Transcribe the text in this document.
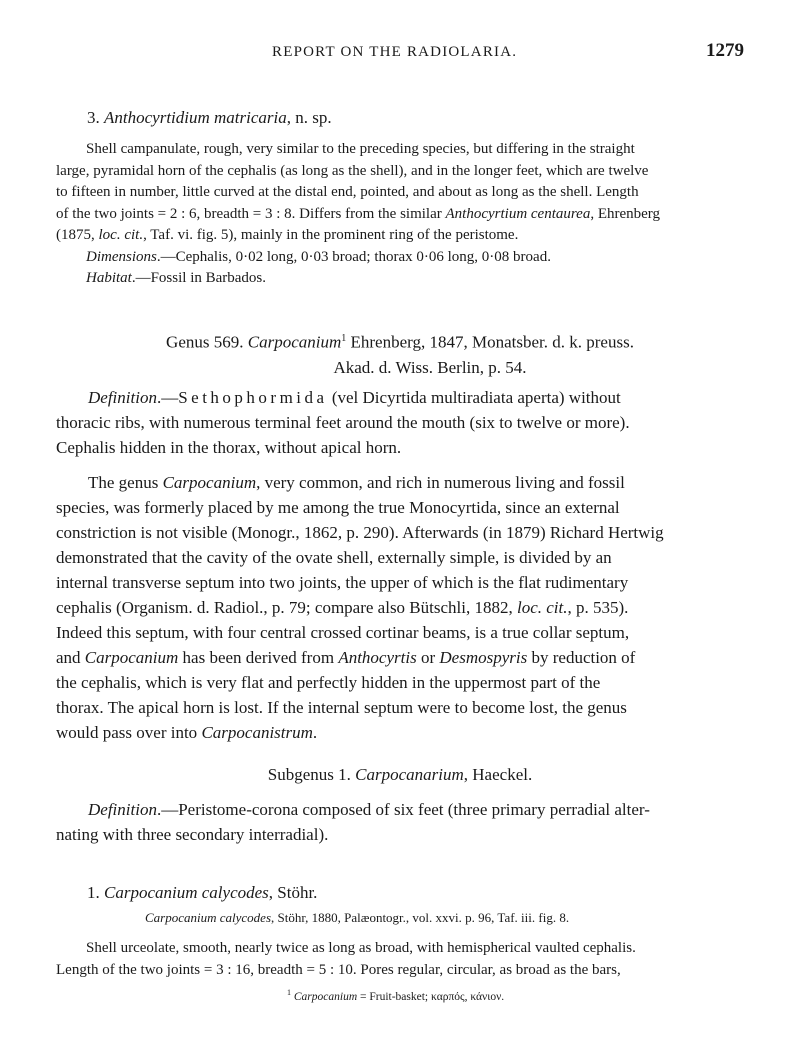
REPORT ON THE RADIOLARIA.	1279
3. Anthocyrtidium matricaria, n. sp.
Shell campanulate, rough, very similar to the preceding species, but differing in the straight
large, pyramidal horn of the cephalis (as long as the shell), and in the longer feet, which are twelve
to fifteen in number, little curved at the distal end, pointed, and about as long as the shell. Length
of the two joints = 2 : 6, breadth = 3 : 8. Differs from the similar Anthocyrtium centaurea, Ehrenberg
(1875, loc. cit., Taf. vi. fig. 5), mainly in the prominent ring of the peristome.
Dimensions.—Cephalis, 0·02 long, 0·03 broad; thorax 0·06 long, 0·08 broad.
Habitat.—Fossil in Barbados.
Genus 569. Carpocanium$^1$ Ehrenberg, 1847, Monatsber. d. k. preuss.
Akad. d. Wiss. Berlin, p. 54.
Definition.—Sethophormida (vel Dicyrtida multiradiata aperta) without
thoracic ribs, with numerous terminal feet around the mouth (six to twelve or more).
Cephalis hidden in the thorax, without apical horn.
The genus Carpocanium, very common, and rich in numerous living and fossil
species, was formerly placed by me among the true Monocyrtida, since an external
constriction is not visible (Monogr., 1862, p. 290). Afterwards (in 1879) Richard Hertwig
demonstrated that the cavity of the ovate shell, externally simple, is divided by an
internal transverse septum into two joints, the upper of which is the flat rudimentary
cephalis (Organism. d. Radiol., p. 79; compare also Bütschli, 1882, loc. cit., p. 535).
Indeed this septum, with four central crossed cortinar beams, is a true collar septum,
and Carpocanium has been derived from Anthocyrtis or Desmospyris by reduction of
the cephalis, which is very flat and perfectly hidden in the uppermost part of the
thorax. The apical horn is lost. If the internal septum were to become lost, the genus
would pass over into Carpocanistrum.
Subgenus 1. Carpocanarium, Haeckel.
Definition.—Peristome-corona composed of six feet (three primary perradial alter-
nating with three secondary interradial).
1. Carpocanium calycodes, Stöhr.
Carpocanium calycodes, Stöhr, 1880, Palæontogr., vol. xxvi. p. 96, Taf. iii. fig. 8.
Shell urceolate, smooth, nearly twice as long as broad, with hemispherical vaulted cephalis.
Length of the two joints = 3 : 16, breadth = 5 : 10. Pores regular, circular, as broad as the bars,
$^1$ Carpocanium = Fruit-basket; καρπός, κάνιον.
